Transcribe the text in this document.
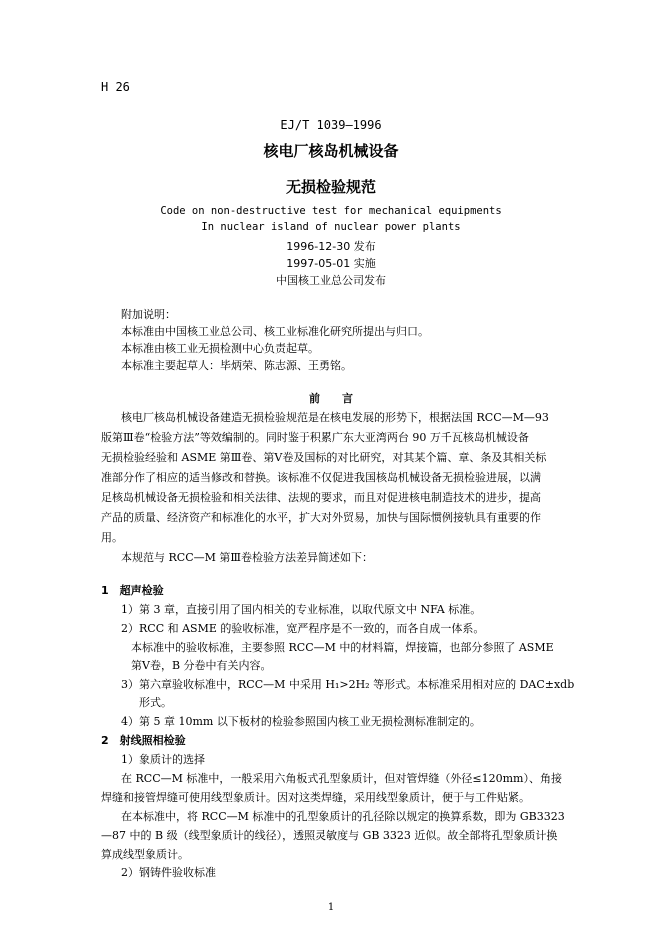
H 26
EJ/T 1039—1996
核电厂核岛机械设备
无损检验规范
Code on non-destructive test for mechanical equipments
In nuclear island of nuclear power plants
1996-12-30 发布
1997-05-01 实施
中国核工业总公司发布
附加说明：
本标准由中国核工业总公司、核工业标准化研究所提出与归口。
本标准由核工业无损检测中心负责起草。
本标准主要起草人：毕炳荣、陈志源、王勇铭。
前　　言
核电厂核岛机械设备建造无损检验规范是在核电发展的形势下，根据法国 RCC—M—93
版第Ⅲ卷“检验方法”等效编制的。同时鉴于积累广东大亚湾两台 90 万千瓦核岛机械设备
无损检验经验和 ASME 第Ⅲ卷、第Ⅴ卷及国标的对比研究，对其某个篇、章、条及其相关标
准部分作了相应的适当修改和替换。该标准不仅促进我国核岛机械设备无损检验进展，以满
足核岛机械设备无损检验和相关法律、法规的要求，而且对促进核电制造技术的进步，提高
产品的质量、经济资产和标准化的水平，扩大对外贸易，加快与国际惯例接轨具有重要的作
用。
本规范与 RCC—M 第Ⅲ卷检验方法差异简述如下：
1　超声检验
1）第 3 章，直接引用了国内相关的专业标准，以取代原文中 NFA 标准。
2）RCC 和 ASME 的验收标准，宽严程序是不一致的，而各自成一体系。
本标准中的验收标准，主要参照 RCC—M 中的材料篇，焊接篇，也部分参照了 ASME
第Ⅴ卷，B 分卷中有关内容。
3）第六章验收标准中，RCC—M 中采用 H₁>2H₂ 等形式。本标准采用相对应的 DAC±xdb
形式。
4）第 5 章 10mm 以下板材的检验参照国内核工业无损检测标准制定的。
2　射线照相检验
1）象质计的选择
在 RCC—M 标准中，一般采用六角板式孔型象质计，但对管焊缝（外径≤120mm）、角接
焊缝和接管焊缝可使用线型象质计。因对这类焊缝，采用线型象质计，便于与工件贴紧。
在本标准中，将 RCC—M 标准中的孔型象质计的孔径除以规定的换算系数，即为 GB3323
—87 中的 B 级（线型象质计的线径），透照灵敏度与 GB 3323 近似。故全部将孔型象质计换
算成线型象质计。
2）钢铸件验收标准
1
